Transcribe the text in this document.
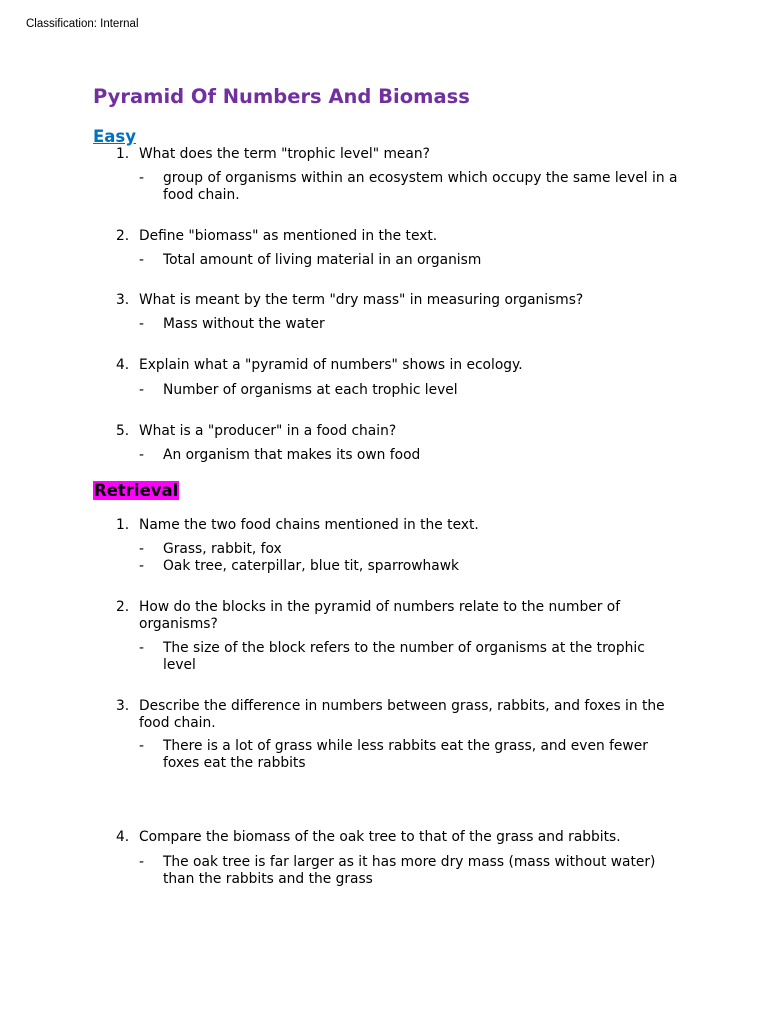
Classification: Internal
Pyramid Of Numbers And Biomass
Easy
1. What does the term "trophic level" mean?
- group of organisms within an ecosystem which occupy the same level in a food chain.
2. Define "biomass" as mentioned in the text.
- Total amount of living material in an organism
3. What is meant by the term "dry mass" in measuring organisms?
- Mass without the water
4. Explain what a "pyramid of numbers" shows in ecology.
- Number of organisms at each trophic level
5. What is a "producer" in a food chain?
- An organism that makes its own food
Retrieval
1. Name the two food chains mentioned in the text.
- Grass, rabbit, fox
- Oak tree, caterpillar, blue tit, sparrowhawk
2. How do the blocks in the pyramid of numbers relate to the number of organisms?
- The size of the block refers to the number of organisms at the trophic level
3. Describe the difference in numbers between grass, rabbits, and foxes in the food chain.
- There is a lot of grass while less rabbits eat the grass, and even fewer foxes eat the rabbits
4. Compare the biomass of the oak tree to that of the grass and rabbits.
- The oak tree is far larger as it has more dry mass (mass without water) than the rabbits and the grass
